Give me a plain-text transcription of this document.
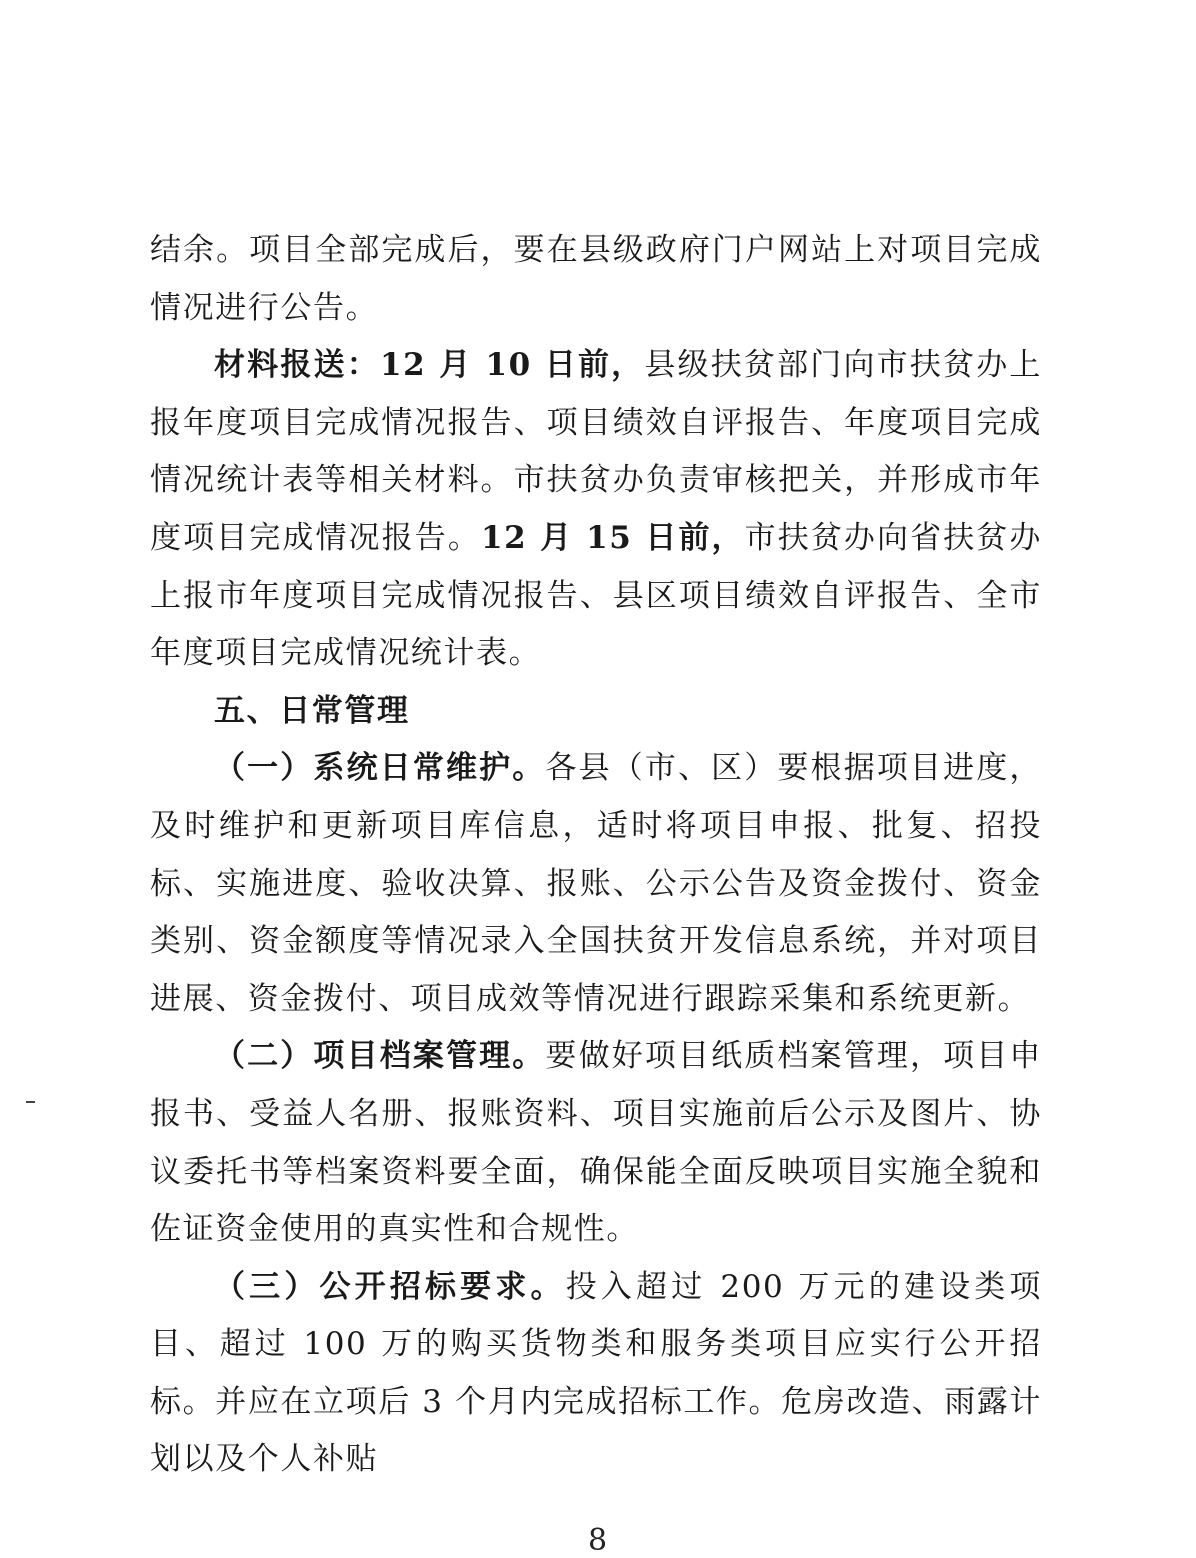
结余。项目全部完成后，要在县级政府门户网站上对项目完成情况进行公告。

材料报送：12 月 10 日前，县级扶贫部门向市扶贫办上报年度项目完成情况报告、项目绩效自评报告、年度项目完成情况统计表等相关材料。市扶贫办负责审核把关，并形成市年度项目完成情况报告。12 月 15 日前，市扶贫办向省扶贫办上报市年度项目完成情况报告、县区项目绩效自评报告、全市年度项目完成情况统计表。

五、日常管理

（一）系统日常维护。各县（市、区）要根据项目进度，及时维护和更新项目库信息，适时将项目申报、批复、招投标、实施进度、验收决算、报账、公示公告及资金拨付、资金类别、资金额度等情况录入全国扶贫开发信息系统，并对项目进展、资金拨付、项目成效等情况进行跟踪采集和系统更新。

（二）项目档案管理。要做好项目纸质档案管理，项目申报书、受益人名册、报账资料、项目实施前后公示及图片、协议委托书等档案资料要全面，确保能全面反映项目实施全貌和佐证资金使用的真实性和合规性。

（三）公开招标要求。投入超过 200 万元的建设类项目、超过 100 万的购买货物类和服务类项目应实行公开招标。并应在立项后 3 个月内完成招标工作。危房改造、雨露计划以及个人补贴

8
